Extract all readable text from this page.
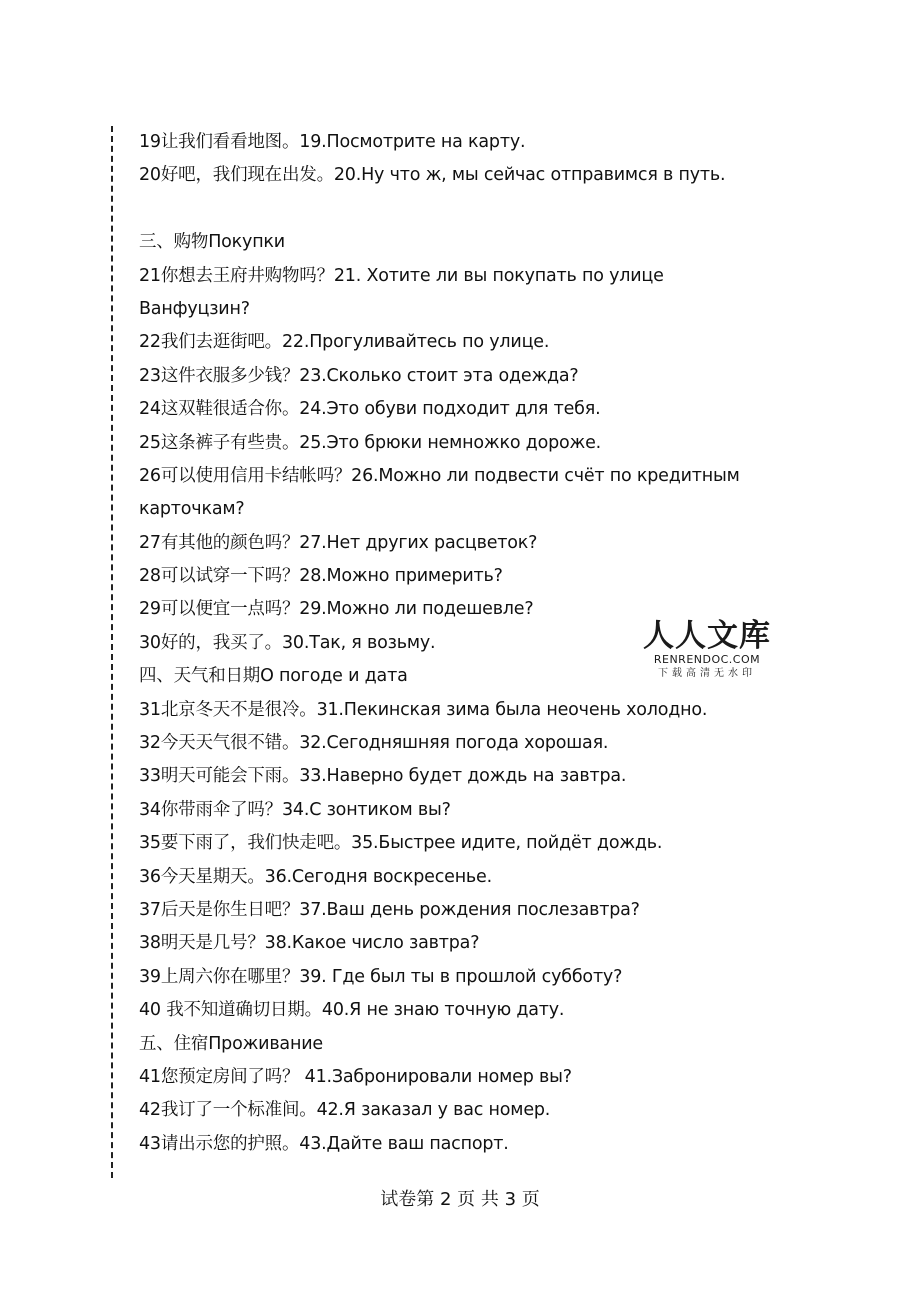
19让我们看看地图。19.Посмотрите на карту.
20好吧，我们现在出发。20.Ну что ж, мы сейчас отправимся в путь.
三、购物Покупки
21你想去王府井购物吗？21. Хотите ли вы покупать по улице
Ванфуцзин?
22我们去逛街吧。22.Прогуливайтесь по улице.
23这件衣服多少钱？23.Сколько стоит эта одежда?
24这双鞋很适合你。24.Это обуви подходит для тебя.
25这条裤子有些贵。25.Это брюки немножко дороже.
26可以使用信用卡结帐吗？26.Можно ли подвести счёт по кредитным
карточкам?
27有其他的颜色吗？27.Нет других расцветок?
28可以试穿一下吗？28.Можно примерить?
29可以便宜一点吗？29.Можно ли подешевле?
30好的，我买了。30.Так, я возьму.
四、天气和日期О погоде и дата
31北京冬天不是很冷。31.Пекинская зима была неочень холодно.
32今天天气很不错。32.Сегодняшняя погода хорошая.
33明天可能会下雨。33.Наверно будет дождь на завтра.
34你带雨伞了吗？34.С зонтиком вы?
35要下雨了，我们快走吧。35.Быстрее идите, пойдёт дождь.
36今天星期天。36.Сегодня воскресенье.
37后天是你生日吧？37.Ваш день рождения послезавтра?
38明天是几号？38.Какое число завтра?
39上周六你在哪里？39. Где был ты в прошлой субботу?
40 我不知道确切日期。40.Я не знаю точную дату.
五、住宿Проживание
41您预定房间了吗？ 41.Забронировали номер вы?
42我订了一个标准间。42.Я заказал у вас номер.
43请出示您的护照。43.Дайте ваш паспорт.
人人文库
RENRENDOC.COM
下载高清无水印
试卷第 2 页 共 3 页
